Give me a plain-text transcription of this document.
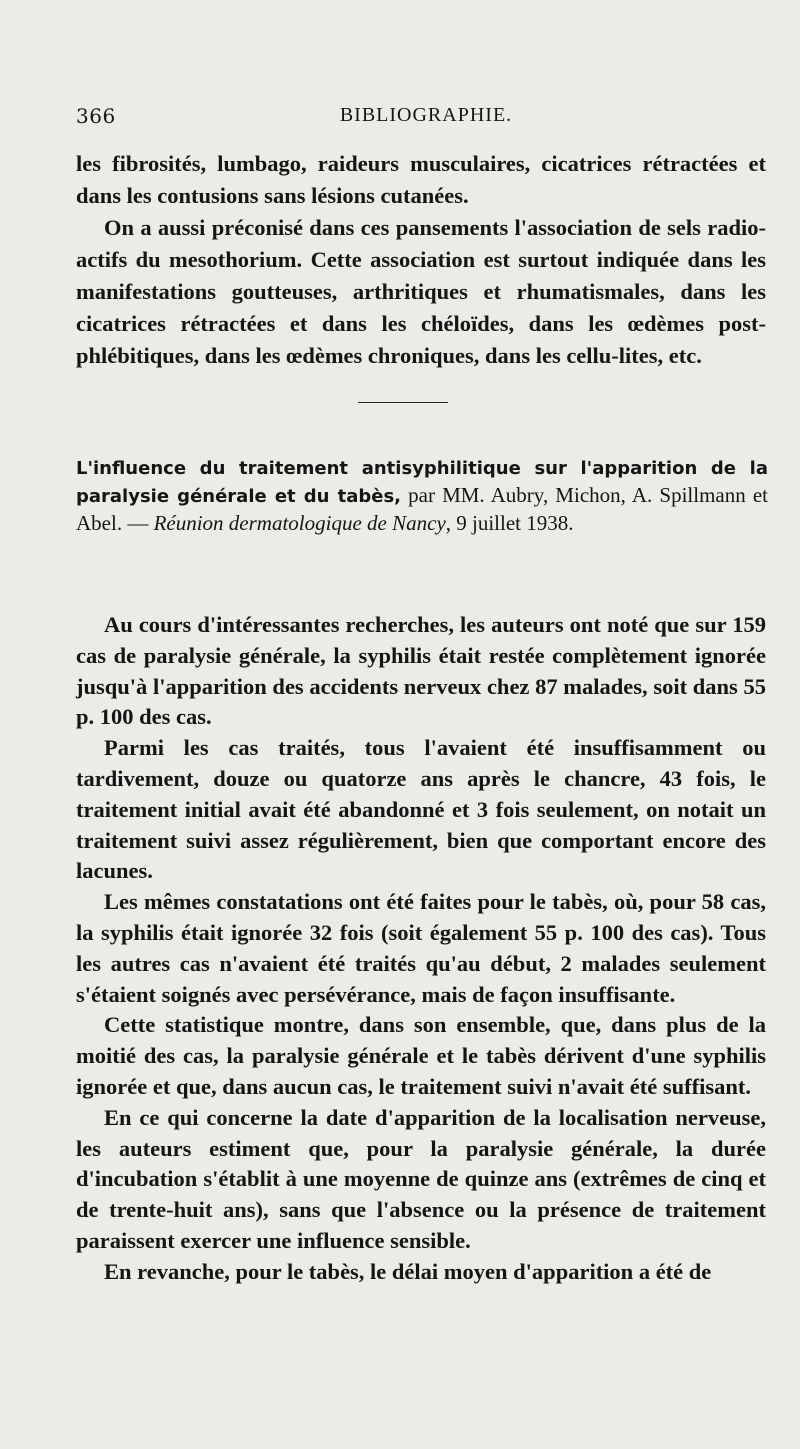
366	BIBLIOGRAPHIE.

les fibrosités, lumbago, raideurs musculaires, cicatrices rétractées et dans les contusions sans lésions cutanées.

On a aussi préconisé dans ces pansements l'association de sels radio-actifs du mesothorium. Cette association est surtout indiquée dans les manifestations goutteuses, arthritiques et rhumatismales, dans les cicatrices rétractées et dans les chéloïdes, dans les œdèmes post-phlébitiques, dans les œdèmes chroniques, dans les cellu-lites, etc.

L'influence du traitement antisyphilitique sur l'apparition de la paralysie générale et du tabès, par MM. Aubry, Michon, A. Spillmann et Abel. — Réunion dermatologique de Nancy, 9 juillet 1938.

Au cours d'intéressantes recherches, les auteurs ont noté que sur 159 cas de paralysie générale, la syphilis était restée complètement ignorée jusqu'à l'apparition des accidents nerveux chez 87 malades, soit dans 55 p. 100 des cas.

Parmi les cas traités, tous l'avaient été insuffisamment ou tardivement, douze ou quatorze ans après le chancre, 43 fois, le traitement initial avait été abandonné et 3 fois seulement, on notait un traitement suivi assez régulièrement, bien que comportant encore des lacunes.

Les mêmes constatations ont été faites pour le tabès, où, pour 58 cas, la syphilis était ignorée 32 fois (soit également 55 p. 100 des cas). Tous les autres cas n'avaient été traités qu'au début, 2 malades seulement s'étaient soignés avec persévérance, mais de façon insuffisante.

Cette statistique montre, dans son ensemble, que, dans plus de la moitié des cas, la paralysie générale et le tabès dérivent d'une syphilis ignorée et que, dans aucun cas, le traitement suivi n'avait été suffisant.

En ce qui concerne la date d'apparition de la localisation nerveuse, les auteurs estiment que, pour la paralysie générale, la durée d'incubation s'établit à une moyenne de quinze ans (extrêmes de cinq et de trente-huit ans), sans que l'absence ou la présence de traitement paraissent exercer une influence sensible.

En revanche, pour le tabès, le délai moyen d'apparition a été de
